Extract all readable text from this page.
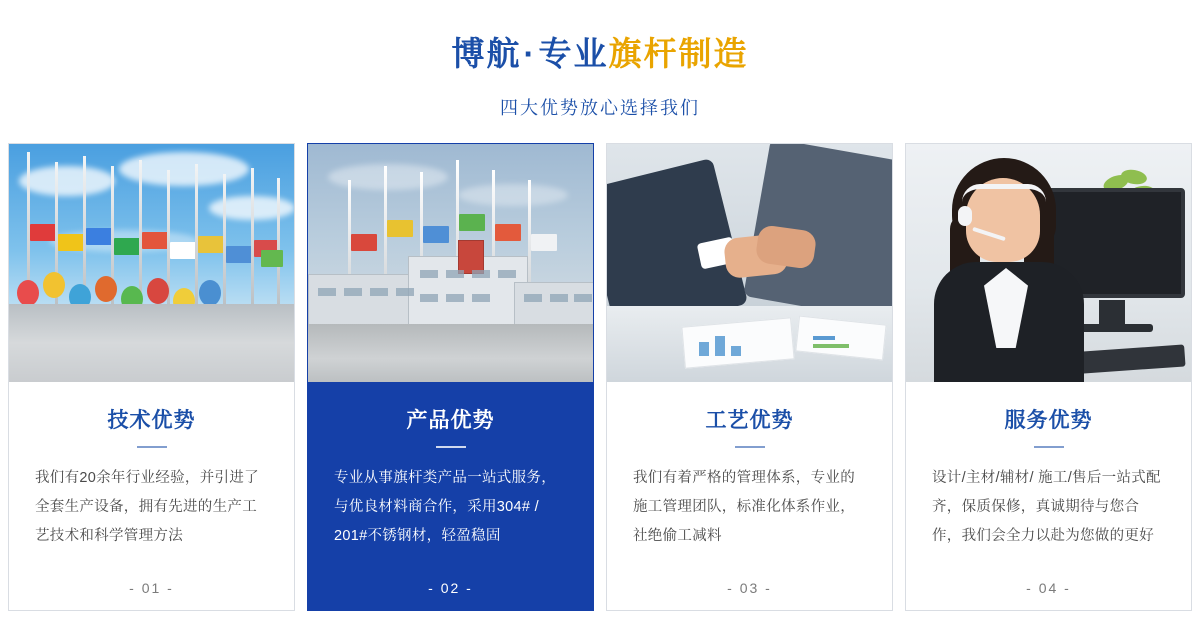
博航·专业旗杆制造
四大优势放心选择我们
技术优势
我们有20余年行业经验，并引进了全套生产设备，拥有先进的生产工艺技术和科学管理方法
- 01 -
产品优势
专业从事旗杆类产品一站式服务，与优良材料商合作，采用304# / 201#不锈钢材，轻盈稳固
- 02 -
工艺优势
我们有着严格的管理体系，专业的施工管理团队，标准化体系作业，社绝偷工减料
- 03 -
服务优势
设计/主材/辅材/ 施工/售后一站式配齐，保质保修，真诚期待与您合作，我们会全力以赴为您做的更好
- 04 -
